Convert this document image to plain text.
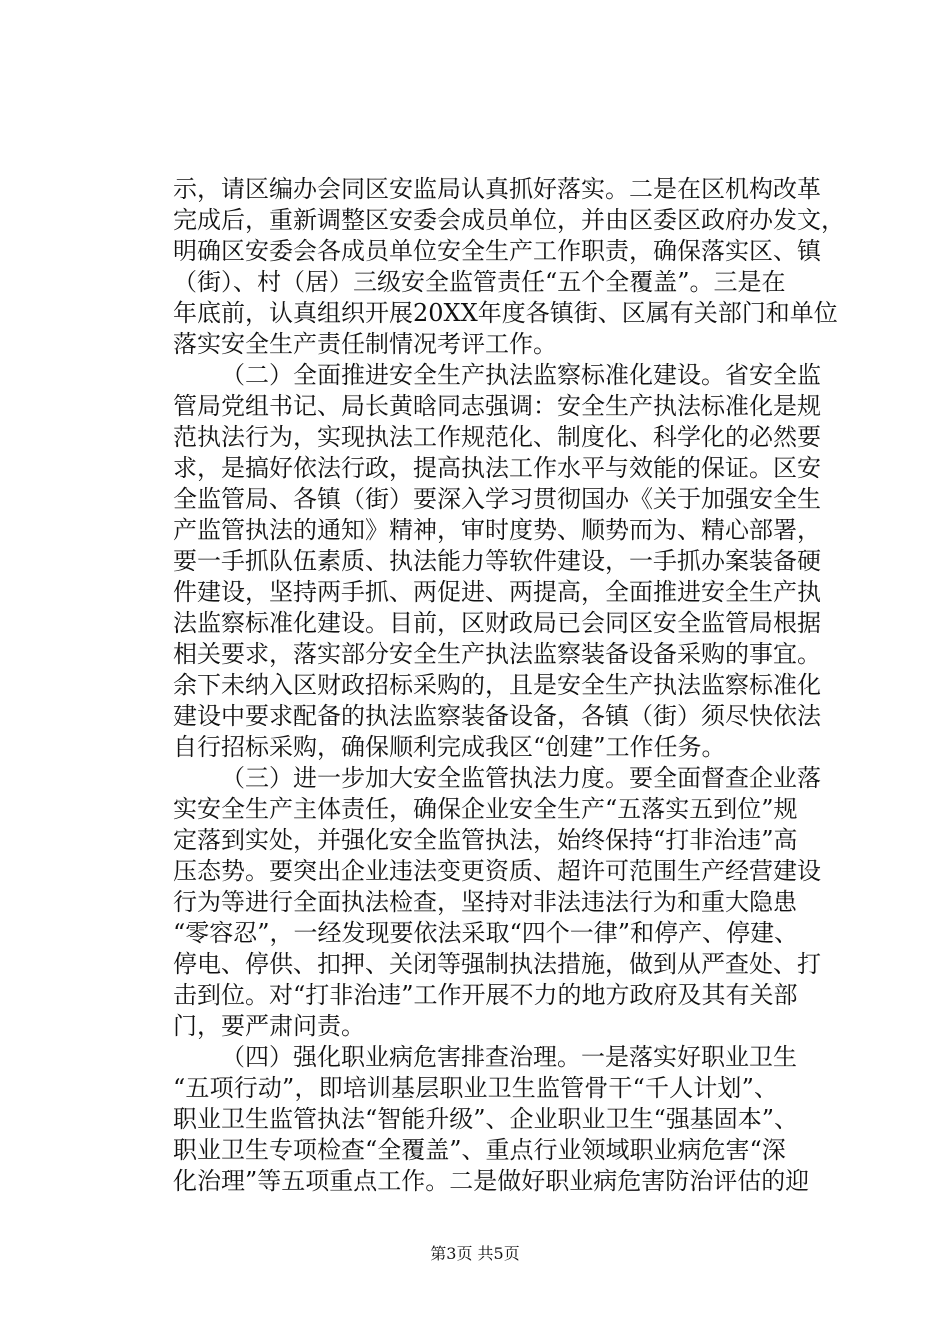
示，请区编办会同区安监局认真抓好落实。二是在区机构改革
完成后，重新调整区安委会成员单位，并由区委区政府办发文，
明确区安委会各成员单位安全生产工作职责，确保落实区、镇
（街）、村（居）三级安全监管责任“五个全覆盖”。三是在
年底前，认真组织开展20XX年度各镇街、区属有关部门和单位
落实安全生产责任制情况考评工作。
（二）全面推进安全生产执法监察标准化建设。省安全监
管局党组书记、局长黄晗同志强调：安全生产执法标准化是规
范执法行为，实现执法工作规范化、制度化、科学化的必然要
求，是搞好依法行政，提高执法工作水平与效能的保证。区安
全监管局、各镇（街）要深入学习贯彻国办《关于加强安全生
产监管执法的通知》精神，审时度势、顺势而为、精心部署，
要一手抓队伍素质、执法能力等软件建设，一手抓办案装备硬
件建设，坚持两手抓、两促进、两提高，全面推进安全生产执
法监察标准化建设。目前，区财政局已会同区安全监管局根据
相关要求，落实部分安全生产执法监察装备设备采购的事宜。
余下未纳入区财政招标采购的，且是安全生产执法监察标准化
建设中要求配备的执法监察装备设备，各镇（街）须尽快依法
自行招标采购，确保顺利完成我区“创建”工作任务。
（三）进一步加大安全监管执法力度。要全面督查企业落
实安全生产主体责任，确保企业安全生产“五落实五到位”规
定落到实处，并强化安全监管执法，始终保持“打非治违”高
压态势。要突出企业违法变更资质、超许可范围生产经营建设
行为等进行全面执法检查，坚持对非法违法行为和重大隐患
“零容忍”，一经发现要依法采取“四个一律”和停产、停建、
停电、停供、扣押、关闭等强制执法措施，做到从严查处、打
击到位。对“打非治违”工作开展不力的地方政府及其有关部
门，要严肃问责。
（四）强化职业病危害排查治理。一是落实好职业卫生
“五项行动”，即培训基层职业卫生监管骨干“千人计划”、
职业卫生监管执法“智能升级”、企业职业卫生“强基固本”、
职业卫生专项检查“全覆盖”、重点行业领域职业病危害“深
化治理”等五项重点工作。二是做好职业病危害防治评估的迎
第3页 共5页
